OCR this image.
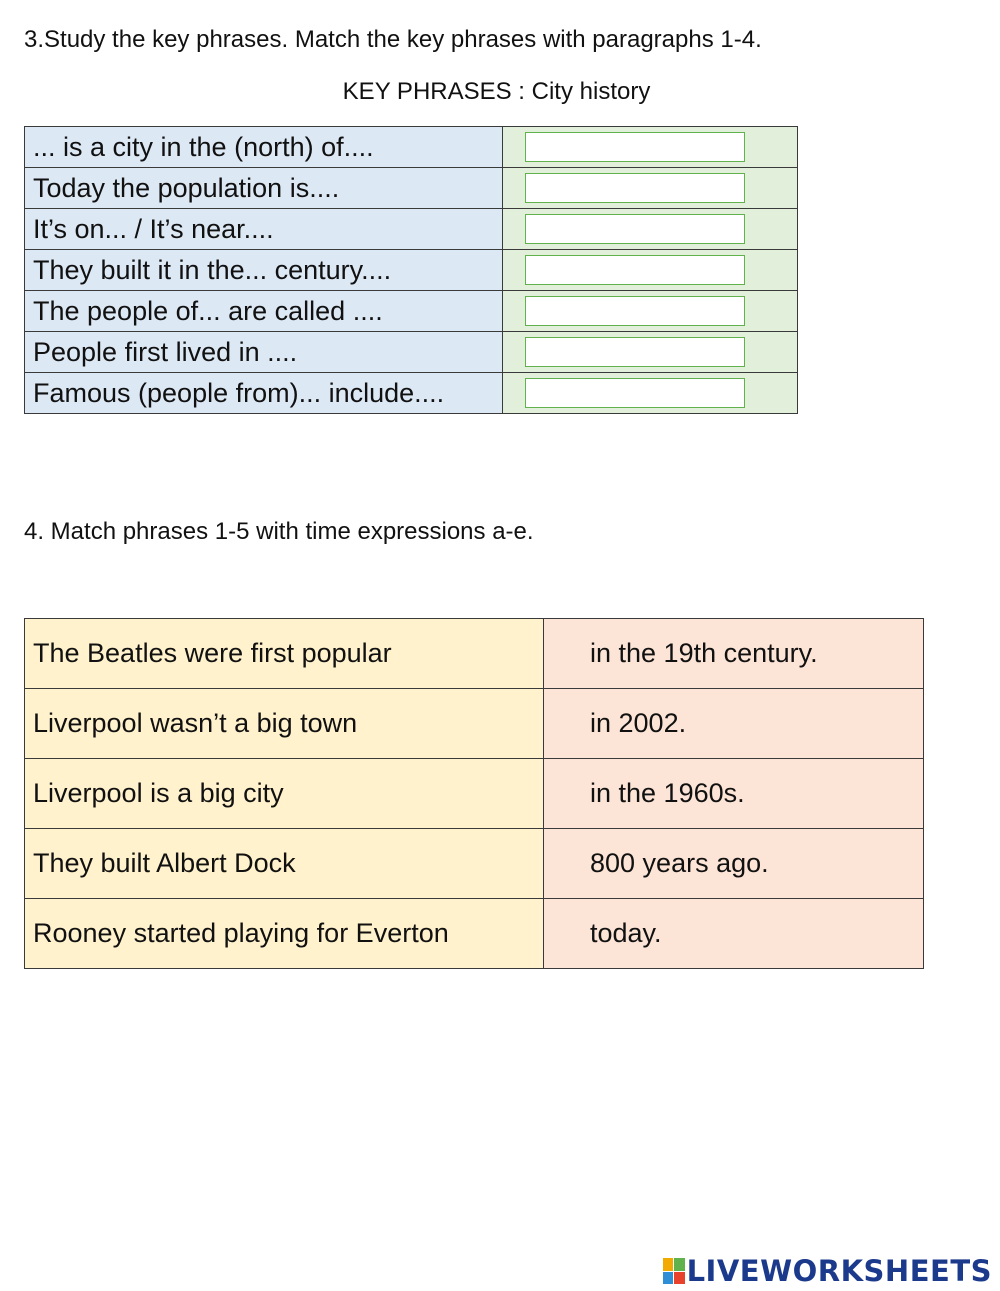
3.Study the key phrases. Match the key phrases with paragraphs 1-4.
KEY PHRASES : City history
... is a city in the (north) of....	

Today the population is....	

It’s on... / It’s near....	

They built it in the... century....	

The people of... are called ....	

People first lived in ....	

Famous (people from)... include....	
4. Match phrases 1-5 with time expressions a-e.
The Beatles were first popular	in the 19th century.
Liverpool wasn’t a big town	in 2002.
Liverpool is a big city	in the 1960s.
They built Albert Dock	800 years ago.
Rooney started playing for Everton	today.
LIVEWORKSHEETS
